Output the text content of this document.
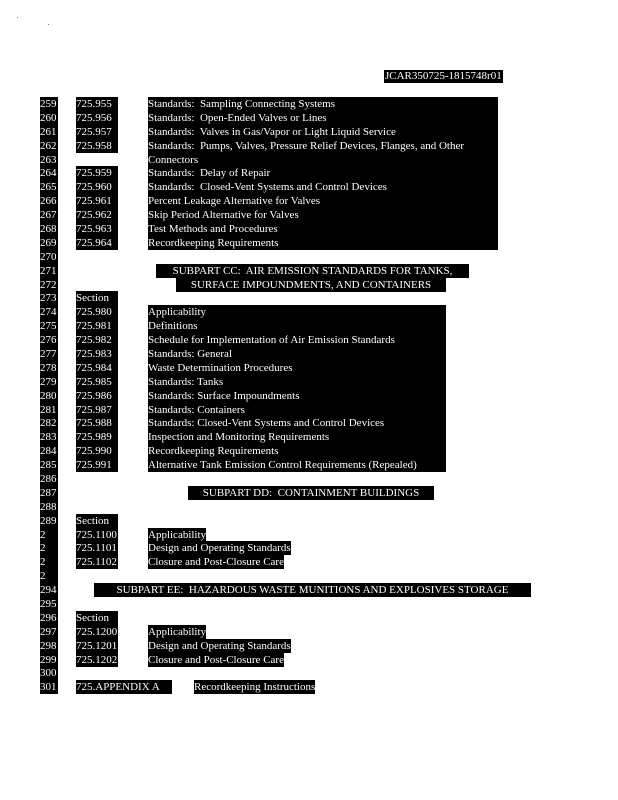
JCAR350725-1815748r01
259 725.955	Standards:  Sampling Connecting Systems
260 725.956	Standards:  Open-Ended Valves or Lines
261 725.957	Standards:  Valves in Gas/Vapor or Light Liquid Service
262 725.958	Standards:  Pumps, Valves, Pressure Relief Devices, Flanges, and Other
263	Connectors
264 725.959	Standards:  Delay of Repair
265 725.960	Standards:  Closed-Vent Systems and Control Devices
266 725.961	Percent Leakage Alternative for Valves
267 725.962	Skip Period Alternative for Valves
268 725.963	Test Methods and Procedures
269 725.964	Recordkeeping Requirements
270
271	SUBPART CC:  AIR EMISSION STANDARDS FOR TANKS,
272	SURFACE IMPOUNDMENTS, AND CONTAINERS
273 Section
274 725.980	Applicability
275 725.981	Definitions
276 725.982	Schedule for Implementation of Air Emission Standards
277 725.983	Standards: General
278 725.984	Waste Determination Procedures
279 725.985	Standards: Tanks
280 725.986	Standards: Surface Impoundments
281 725.987	Standards: Containers
282 725.988	Standards: Closed-Vent Systems and Control Devices
283 725.989	Inspection and Monitoring Requirements
284 725.990	Recordkeeping Requirements
285 725.991	Alternative Tank Emission Control Requirements (Repealed)
286
287	SUBPART DD:  CONTAINMENT BUILDINGS
288
289 Section
2	725.1100	Applicability
2	725.1101	Design and Operating Standards
2	725.1102	Closure and Post-Closure Care
2
294	SUBPART EE:  HAZARDOUS WASTE MUNITIONS AND EXPLOSIVES STORAGE
295
296 Section
297 725.1200	Applicability
298 725.1201	Design and Operating Standards
299 725.1202	Closure and Post-Closure Care
300
301 725.APPENDIX A	Recordkeeping Instructions
